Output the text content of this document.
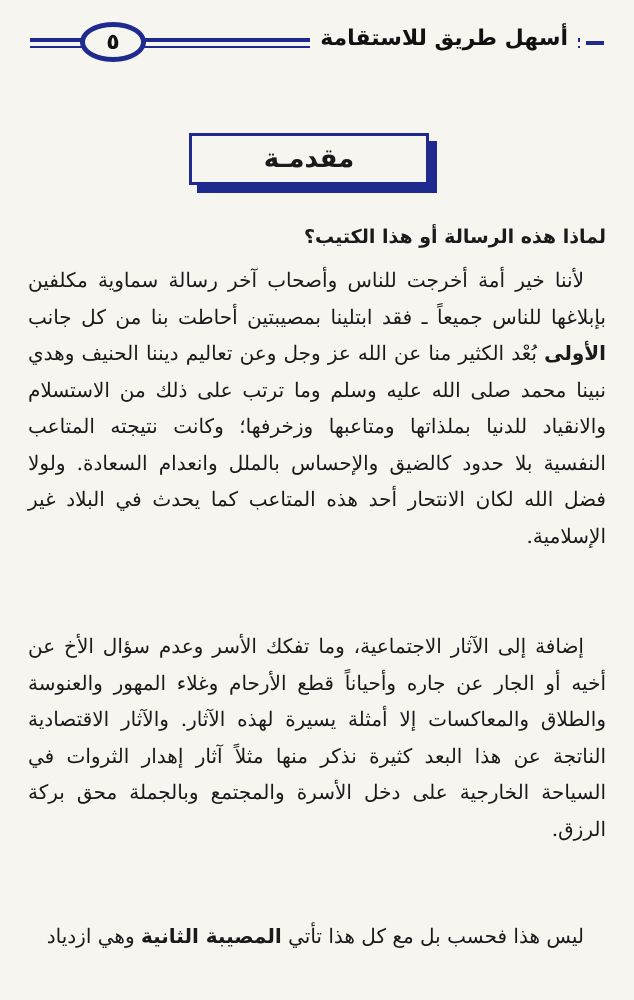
٥	أسهل طريق للاستقامة
مقدمـة
لماذا هذه الرسالة أو هذا الكتيب؟

لأننا خير أمة أخرجت للناس وأصحاب آخر رسالة سماوية مكلفين بإبلاغها للناس جميعاً ـ فقد ابتلينا بمصيبتين أحاطت بنا من كل جانب الأولى بُعْد الكثير منا عن الله عز وجل وعن تعاليم ديننا الحنيف وهدي نبينا محمد صلى الله عليه وسلم وما ترتب على ذلك من الاستسلام والانقياد للدنيا بملذاتها ومتاعبها وزخرفها؛ وكانت نتيجته المتاعب النفسية بلا حدود كالضيق والإحساس بالملل وانعدام السعادة. ولولا فضل الله لكان الانتحار أحد هذه المتاعب كما يحدث في البلاد غير الإسلامية.

إضافة إلى الآثار الاجتماعية، وما تفكك الأسر وعدم سؤال الأخ عن أخيه أو الجار عن جاره وأحياناً قطع الأرحام وغلاء المهور والعنوسة والطلاق والمعاكسات إلا أمثلة يسيرة لهذه الآثار. والآثار الاقتصادية الناتجة عن هذا البعد كثيرة نذكر منها مثلاً آثار إهدار الثروات في السياحة الخارجية على دخل الأسرة والمجتمع وبالجملة محق بركة الرزق.

ليس هذا فحسب بل مع كل هذا تأتي المصيبة الثانية وهي ازدياد
